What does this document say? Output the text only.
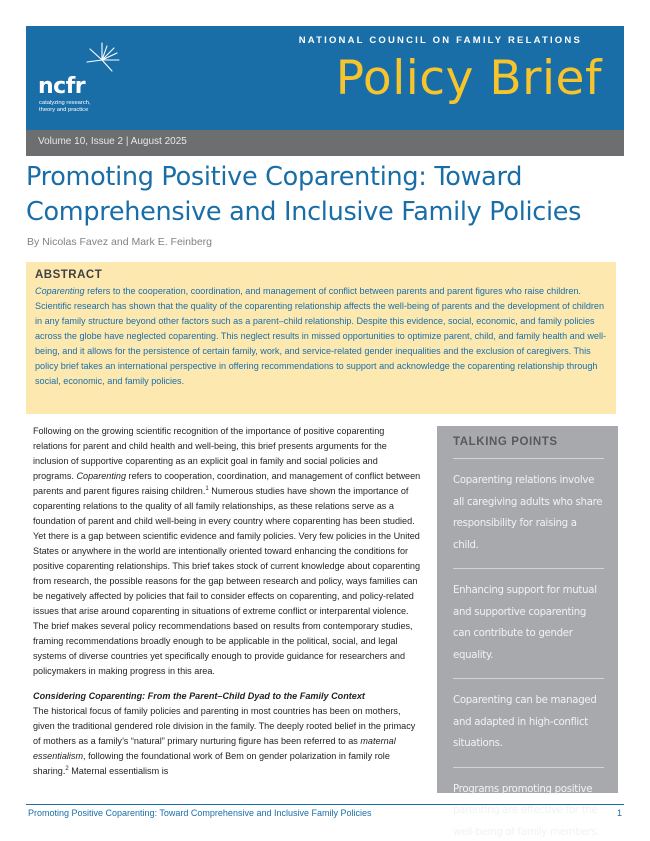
Volume 10, Issue 2 | August 2025
ncfr
catalyzing research,
theory and practice
NATIONAL COUNCIL ON FAMILY RELATIONS
Policy Brief
Promoting Positive Coparenting: Toward
Comprehensive and Inclusive Family Policies
By Nicolas Favez and Mark E. Feinberg
ABSTRACT
Coparenting refers to the cooperation, coordination, and management of conflict between parents and parent figures who raise children. Scientific research has shown that the quality of the coparenting relationship affects the well-being of parents and the development of children in any family structure beyond other factors such as a parent–child relationship. Despite this evidence, social, economic, and family policies across the globe have neglected coparenting. This neglect results in missed opportunities to optimize parent, child, and family health and well-being, and it allows for the persistence of certain family, work, and service-related gender inequalities and the exclusion of caregivers. This policy brief takes an international perspective in offering recommendations to support and acknowledge the coparenting relationship through social, economic, and family policies.

Following on the growing scientific recognition of the importance of positive coparenting relations for parent and child health and well-being, this brief presents arguments for the inclusion of supportive coparenting as an explicit goal in family and social policies and programs. Coparenting refers to cooperation, coordination, and management of conflict between parents and parent figures raising children.$^1$ Numerous studies have shown the importance of coparenting relations to the quality of all family relationships, as these relations serve as a foundation of parent and child well-being in every country where coparenting has been studied. Yet there is a gap between scientific evidence and family policies. Very few policies in the United States or anywhere in the world are intentionally oriented toward enhancing the conditions for positive coparenting relationships. This brief takes stock of current knowledge about coparenting from research, the possible reasons for the gap between research and policy, ways families can be negatively affected by policies that fail to consider effects on coparenting, and policy-related issues that arise around coparenting in situations of extreme conflict or interparental violence. The brief makes several policy recommendations based on results from contemporary studies, framing recommendations broadly enough to be applicable in the political, social, and legal systems of diverse countries yet specifically enough to provide guidance for researchers and policymakers in making progress in this area.

Considering Coparenting: From the Parent–Child Dyad to the Family Context

The historical focus of family policies and parenting in most countries has been on mothers, given the traditional gendered role division in the family. The deeply rooted belief in the primacy of mothers as a family’s “natural” primary nurturing figure has been referred to as maternal essentialism, following the foundational work of Bem on gender polarization in family role sharing.$^2$ Maternal essentialism is

TALKING POINTS
Coparenting relations involve all caregiving adults who share responsibility for raising a child.
Enhancing support for mutual and supportive coparenting can contribute to gender equality.
Coparenting can be managed and adapted in high-conflict situations.
Programs promoting positive parenting are effective for the well-being of family members.
Promoting Positive Coparenting: Toward Comprehensive and Inclusive Family Policies	1
